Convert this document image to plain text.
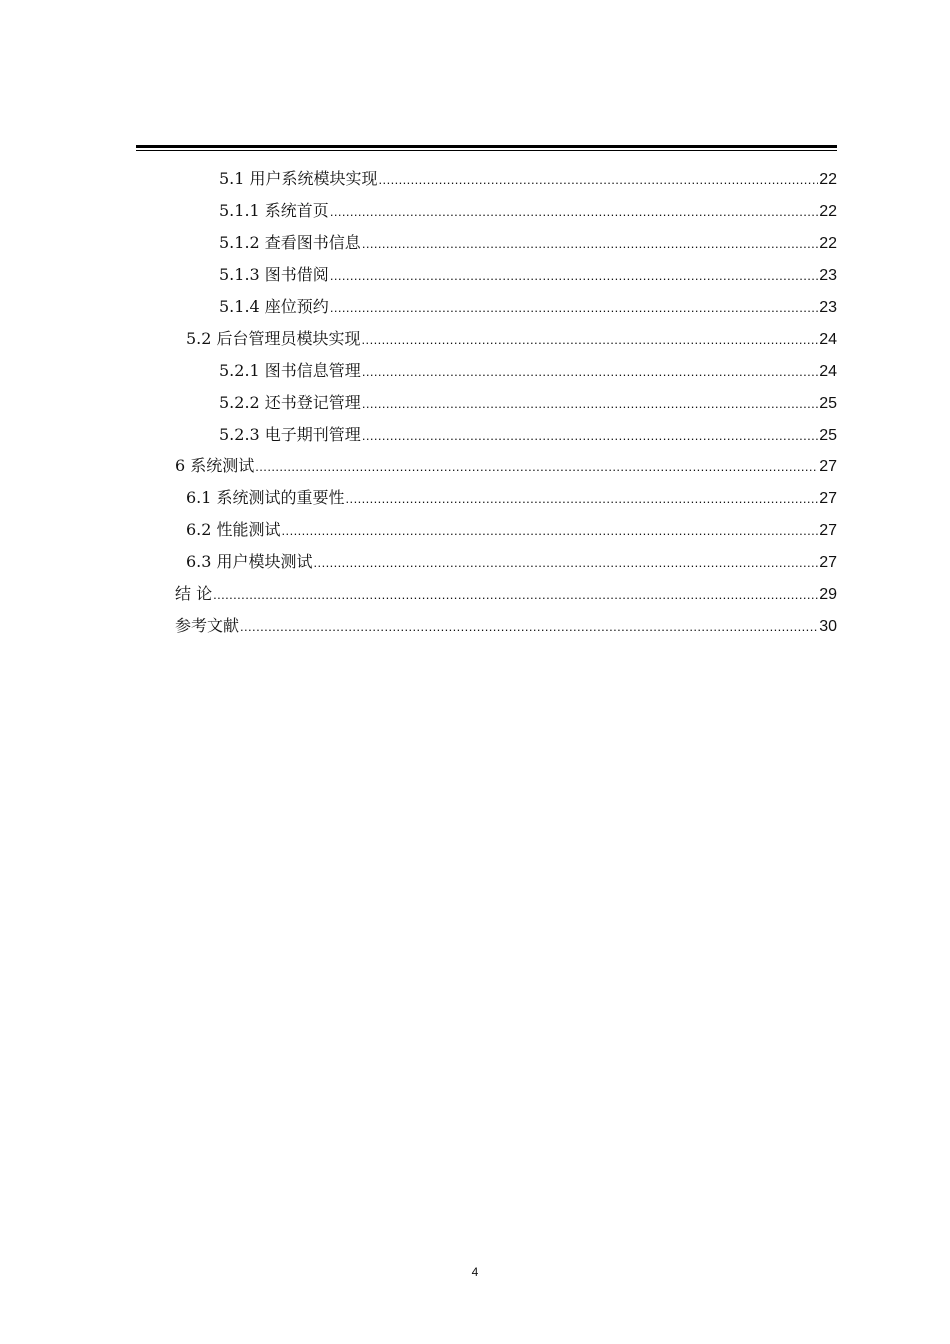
5.1 用户系统模块实现 .....	22
5.1.1 系统首页 .....	22
5.1.2 查看图书信息 .....	22
5.1.3 图书借阅 .....	23
5.1.4 座位预约 .....	23
5.2 后台管理员模块实现 .....	24
5.2.1 图书信息管理 .....	24
5.2.2 还书登记管理 .....	25
5.2.3 电子期刊管理 .....	25
6 系统测试 .....	27
6.1 系统测试的重要性 .....	27
6.2 性能测试 .....	27
6.3 用户模块测试 .....	27
结 论 .....	29
参考文献 .....	30
4
